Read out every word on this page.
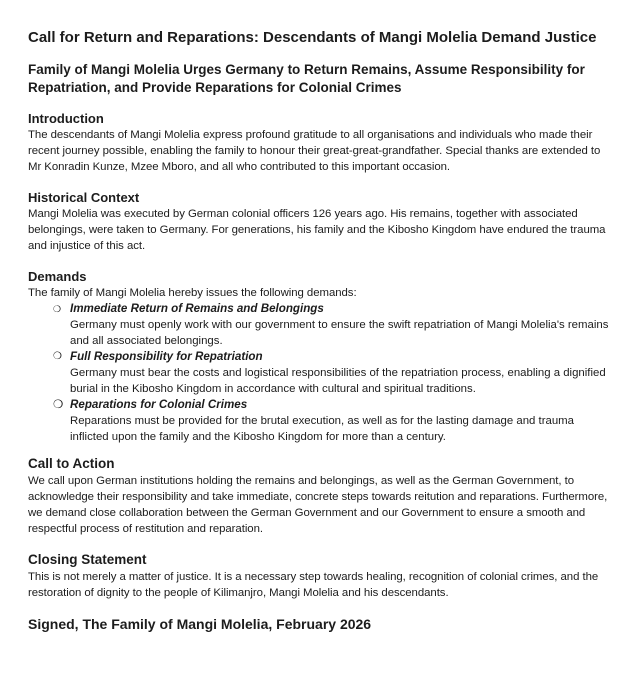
Call for Return and Reparations: Descendants of Mangi Molelia Demand Justice
Family of Mangi Molelia Urges Germany to Return Remains, Assume Responsibility for Repatriation, and Provide Reparations for Colonial Crimes
Introduction

The descendants of Mangi Molelia express profound gratitude to all organisations and individuals who made their recent journey possible, enabling the family to honour their great-great-grandfather. Special thanks are extended to Mr Konradin Kunze, Mzee Mboro, and all who contributed to this important occasion.

Historical Context

Mangi Molelia was executed by German colonial officers 126 years ago. His remains, together with associated belongings, were taken to Germany. For generations, his family and the Kibosho Kingdom have endured the trauma and injustice of this act.

Demands

The family of Mangi Molelia hereby issues the following demands:

❍ Immediate Return of Remains and Belongings
Germany must openly work with our government to ensure the swift repatriation of Mangi Molelia's remains and all associated belongings.
❍ Full Responsibility for Repatriation
Germany must bear the costs and logistical responsibilities of the repatriation process, enabling a dignified burial in the Kibosho Kingdom in accordance with cultural and spiritual traditions.
❍ Reparations for Colonial Crimes
Reparations must be provided for the brutal execution, as well as for the lasting damage and trauma inflicted upon the family and the Kibosho Kingdom for more than a century.
Call to Action

We call upon German institutions holding the remains and belongings, as well as the German Government, to acknowledge their responsibility and take immediate, concrete steps towards reitution and reparations. Furthermore, we demand close collaboration between the German Government and our Government to ensure a smooth and respectful process of restitution and reparation.

Closing Statement

This is not merely a matter of justice. It is a necessary step towards healing, recognition of colonial crimes, and the restoration of dignity to the people of Kilimanjro, Mangi Molelia and his descendants.

Signed, The Family of Mangi Molelia, February 2026
